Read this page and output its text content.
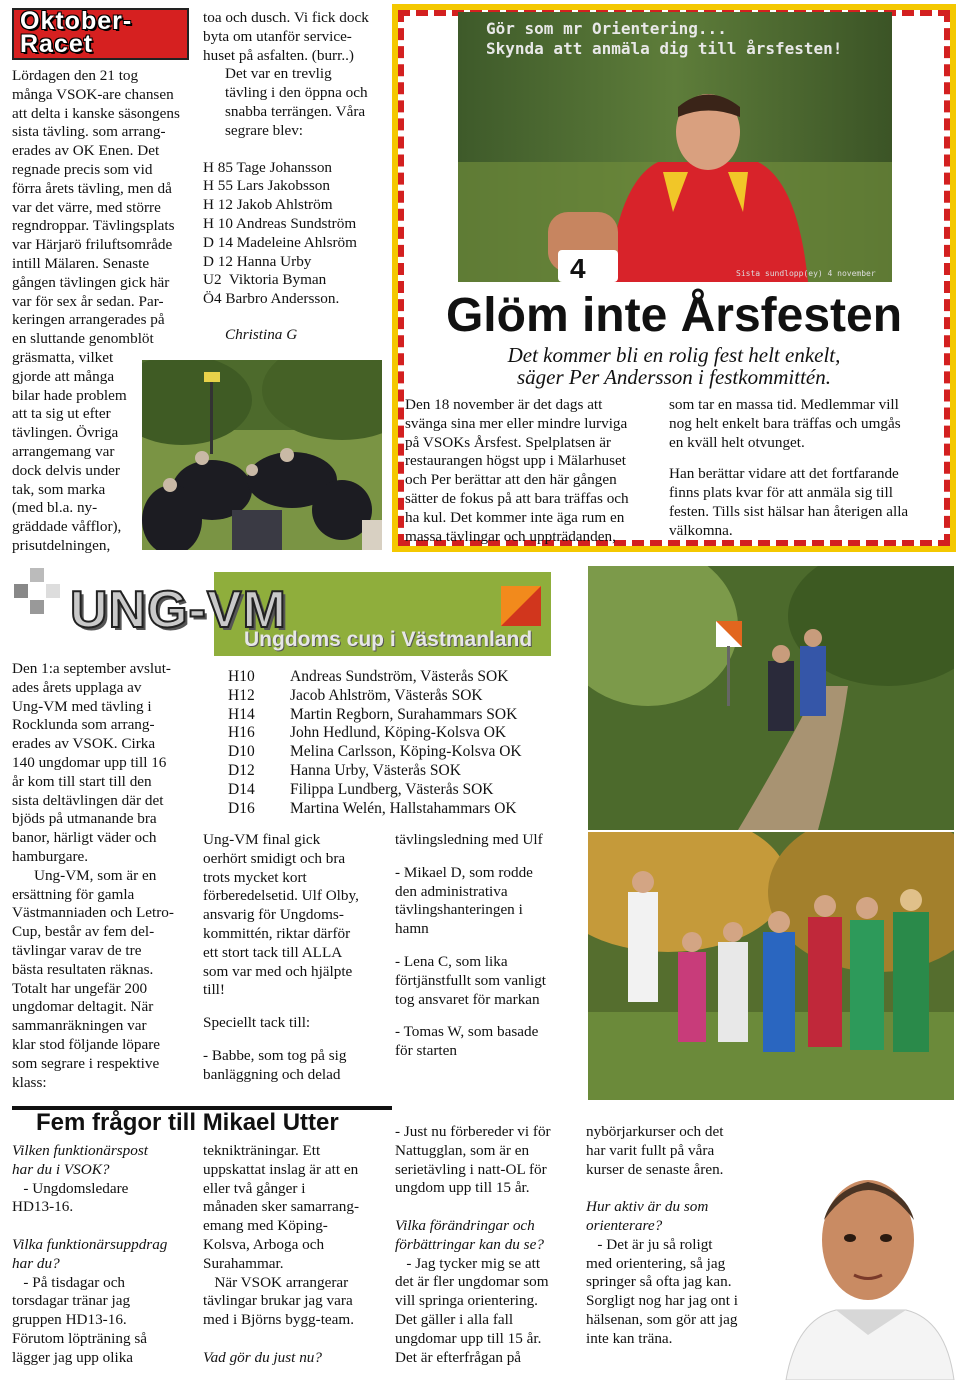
Oktober-
Racet
Lördagen den 21 tog
många VSOK-are chansen
att delta i kanske säsongens
sista tävling. som arrang-
erades av OK Enen. Det
regnade precis som vid
förra årets tävling, men då
var det värre, med större
regndroppar. Tävlingsplats
var Härjarö friluftsområde
intill Mälaren. Senaste
gången tävlingen gick här
var för sex år sedan. Par-
keringen arrangerades på
en sluttande genomblöt
gräsmatta, vilket
gjorde att många
bilar hade problem
att ta sig ut efter
tävlingen. Övriga
arrangemang var
dock delvis under
tak, som marka
(med bl.a. ny-
gräddade våfflor),
prisutdelningen,
toa och dusch. Vi fick dock
byta om utanför service-
huset på asfalten. (burr..)
Det var en trevlig
tävling i den öppna och
snabba terrängen. Våra
segrare blev:
H 85 Tage Johansson
H 55 Lars Jakobsson
H 12 Jakob Ahlström
H 10 Andreas Sundström
D 14 Madeleine Ahlsröm
D 12 Hanna Urby
U2  Viktoria Byman
Ö4 Barbro Andersson.
Christina G
4
Gör som mr Orientering...
Skynda att anmäla dig till årsfesten!
Sista sundlopp(ey) 4 november
Glöm inte Årsfesten
Det kommer bli en rolig fest helt enkelt,
säger Per Andersson i festkommittén.
Den 18 november är det dags att
svänga sina mer eller mindre lurviga
på VSOKs Årsfest. Spelplatsen är
restaurangen högst upp i Mälarhuset
och Per berättar att den här gången
sätter de fokus på att bara träffas och
ha kul. Det kommer inte äga rum en
massa tävlingar och uppträdanden,
som tar en massa tid. Medlemmar vill
nog helt enkelt bara träffas och umgås
en kväll helt otvunget.
Han berättar vidare att det fortfarande
finns plats kvar för att anmäla sig till
festen. Tills sist hälsar han återigen alla
välkomna.
UNG-VM
Ungdoms cup i Västmanland
Den 1:a september avslut-
ades årets upplaga av
Ung-VM med tävling i
Rocklunda som arrang-
erades av VSOK. Cirka
140 ungdomar upp till 16
år kom till start till den
sista deltävlingen där det
bjöds på utmanande bra
banor, härligt väder och
hamburgare.
Ung-VM, som är en
ersättning för gamla
Västmanniaden och Letro-
Cup, består av fem del-
tävlingar varav de tre
bästa resultaten räknas.
Totalt har ungefär 200
ungdomar deltagit. När
sammanräkningen var
klar stod följande löpare
som segrare i respektive
klass:
H10	Andreas Sundström, Västerås SOK
H12	Jacob Ahlström, Västerås SOK
H14	Martin Regborn, Surahammars SOK
H16	John Hedlund, Köping-Kolsva OK
D10	Melina Carlsson, Köping-Kolsva OK
D12	Hanna Urby, Västerås SOK
D14	Filippa Lundberg, Västerås SOK
D16	Martina Welén, Hallstahammars OK
Ung-VM final gick
oerhört smidigt och bra
trots mycket kort
förberedelsetid. Ulf Olby,
ansvarig för Ungdoms-
kommittén, riktar därför
ett stort tack till ALLA
som var med och hjälpte
till!
Speciellt tack till:
- Babbe, som tog på sig
banläggning och delad
tävlingsledning med Ulf
- Mikael D, som rodde
den administrativa
tävlingshanteringen i
hamn
- Lena C, som lika
förtjänstfullt som vanligt
tog ansvaret för markan
- Tomas W, som basade
för starten
Fem frågor till Mikael Utter
Vilken funktionärspost
har du i VSOK?
- Ungdomsledare
HD13-16.

Vilka funktionärsuppdrag
har du?
- På tisdagar och
torsdagar tränar jag
gruppen HD13-16.
Förutom löpträning så
lägger jag upp olika
teknikträningar. Ett
uppskattat inslag är att en
eller två gånger i
månaden sker samarrang-
emang med Köping-
Kolsva, Arboga och
Surahammar.
När VSOK arrangerar
tävlingar brukar jag vara
med i Björns bygg-team.

Vad gör du just nu?
- Just nu förbereder vi för
Nattugglan, som är en
serietävling i natt-OL för
ungdom upp till 15 år.

Vilka förändringar och
förbättringar kan du se?
- Jag tycker mig se att
det är fler ungdomar som
vill springa orientering.
Det gäller i alla fall
ungdomar upp till 15 år.
Det är efterfrågan på
nybörjarkurser och det
har varit fullt på våra
kurser de senaste åren.

Hur aktiv är du som
orienterare?
- Det är ju så roligt
med orientering, så jag
springer så ofta jag kan.
Sorgligt nog har jag ont i
hälsenan, som gör att jag
inte kan träna.
